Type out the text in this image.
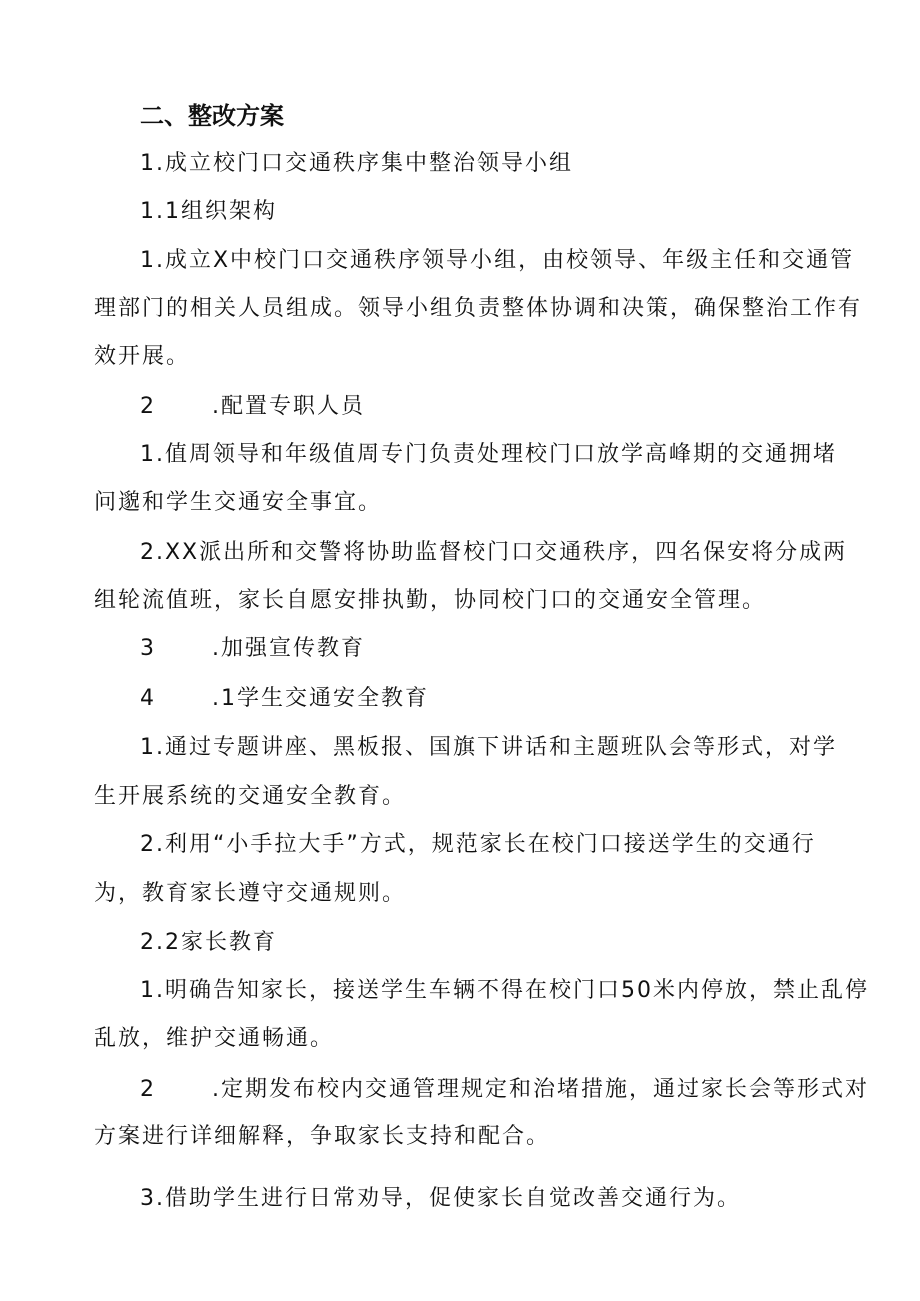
二、整改方案
1.成立校门口交通秩序集中整治领导小组
1.1组织架构
1.成立X中校门口交通秩序领导小组，由校领导、年级主任和交通管
理部门的相关人员组成。领导小组负责整体协调和决策，确保整治工作有
效开展。
2	.配置专职人员
1.值周领导和年级值周专门负责处理校门口放学高峰期的交通拥堵
问邈和学生交通安全事宜。
2.XX派出所和交警将协助监督校门口交通秩序，四名保安将分成两
组轮流值班，家长自愿安排执勤，协同校门口的交通安全管理。
3	.加强宣传教育
4	.1学生交通安全教育
1.通过专题讲座、黑板报、国旗下讲话和主题班队会等形式，对学
生开展系统的交通安全教育。
2.利用“小手拉大手”方式，规范家长在校门口接送学生的交通行
为，教育家长遵守交通规则。
2.2家长教育
1.明确告知家长，接送学生车辆不得在校门口50米内停放，禁止乱停
乱放，维护交通畅通。
2	.定期发布校内交通管理规定和治堵措施，通过家长会等形式对
方案进行详细解释，争取家长支持和配合。
3.借助学生进行日常劝导，促使家长自觉改善交通行为。
